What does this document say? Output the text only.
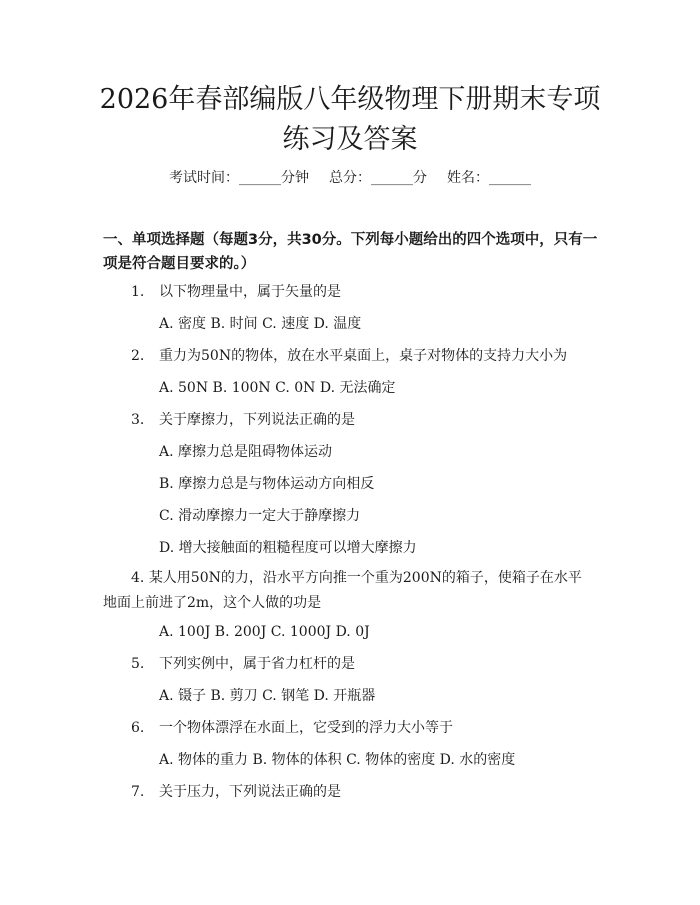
2026年春部编版八年级物理下册期末专项练习及答案
考试时间：______分钟 总分：______分 姓名：______

一、单项选择题（每题3分，共30分。下列每小题给出的四个选项中，只有一项是符合题目要求的。）

1. 以下物理量中，属于矢量的是
A. 密度 B. 时间 C. 速度 D. 温度
2. 重力为50N的物体，放在水平桌面上，桌子对物体的支持力大小为
A. 50N B. 100N C. 0N D. 无法确定
3. 关于摩擦力，下列说法正确的是
A. 摩擦力总是阻碍物体运动
B. 摩擦力总是与物体运动方向相反
C. 滑动摩擦力一定大于静摩擦力
D. 增大接触面的粗糙程度可以增大摩擦力
4. 某人用50N的力，沿水平方向推一个重为200N的箱子，使箱子在水平地面上前进了2m，这个人做的功是
A. 100J B. 200J C. 1000J D. 0J
5. 下列实例中，属于省力杠杆的是
A. 镊子 B. 剪刀 C. 钢笔 D. 开瓶器
6. 一个物体漂浮在水面上，它受到的浮力大小等于
A. 物体的重力 B. 物体的体积 C. 物体的密度 D. 水的密度
7. 关于压力，下列说法正确的是
